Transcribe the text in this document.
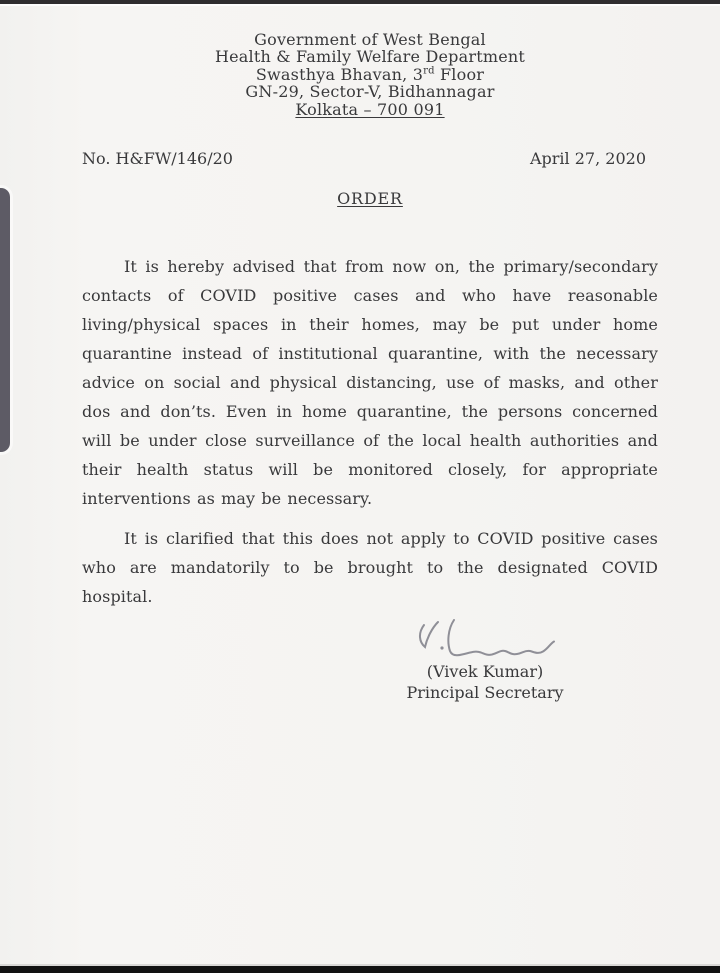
Government of West Bengal
Health & Family Welfare Department
Swasthya Bhavan, 3rd Floor
GN-29, Sector-V, Bidhannagar
Kolkata – 700 091
No. H&FW/146/20	April 27, 2020
ORDER

It is hereby advised that from now on, the primary/secondary contacts of COVID positive cases and who have reasonable living/physical spaces in their homes, may be put under home quarantine instead of institutional quarantine, with the necessary advice on social and physical distancing, use of masks, and other dos and don’ts. Even in home quarantine, the persons concerned will be under close surveillance of the local health authorities and their health status will be monitored closely, for appropriate interventions as may be necessary.

It is clarified that this does not apply to COVID positive cases who are mandatorily to be brought to the designated COVID hospital.

(Vivek Kumar)
Principal Secretary
